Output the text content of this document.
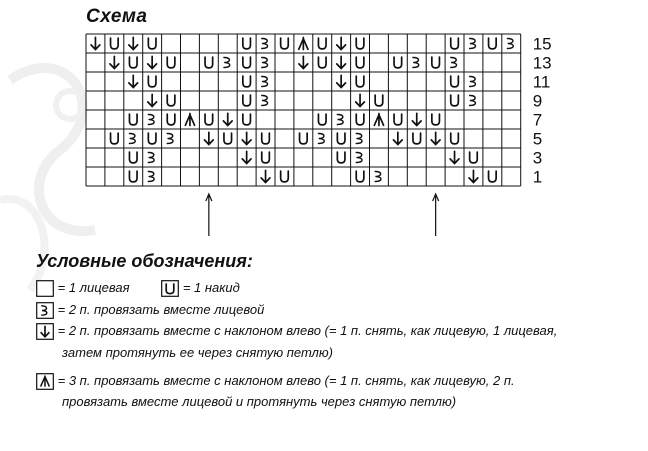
Схема
15
13
11
9
7
5
3
1
Условные обозначения:
= 1 лицевая	= 1 накид
= 2 п. провязать вместе лицевой
= 2 п. провязать вместе с наклоном влево (= 1 п. снять, как лицевую, 1 лицевая,
затем протянуть ее через снятую петлю)
= 3 п. провязать вместе с наклоном влево (= 1 п. снять, как лицевую, 2 п.
провязать вместе лицевой и протянуть через снятую петлю)
